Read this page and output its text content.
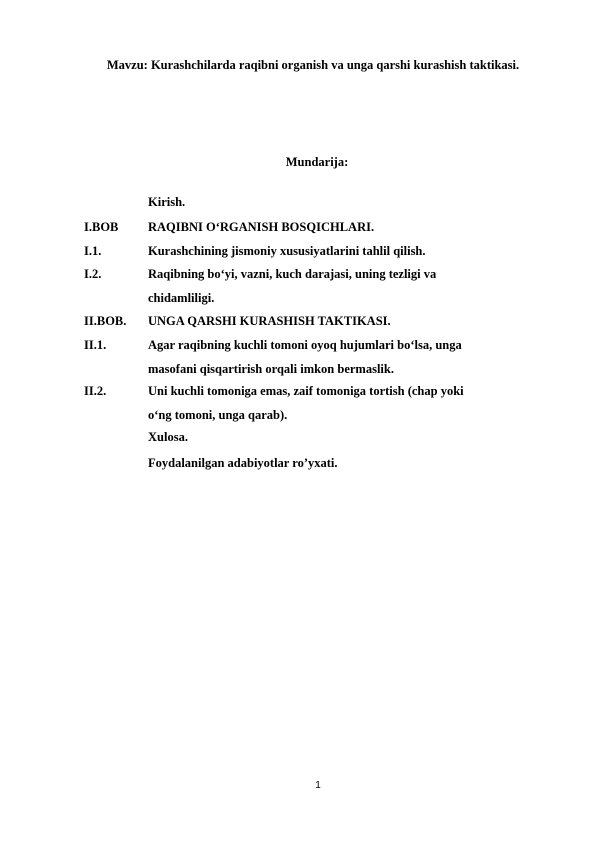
Mavzu: Kurashchilarda raqibni organish va unga qarshi kurashish taktikasi.
Mundarija:
Kirish.
I.BOB RAQIBNI O‘RGANISH BOSQICHLARI.
I.1.	Kurashchining jismoniy xususiyatlarini tahlil qilish.
I.2.	Raqibning bo‘yi, vazni, kuch darajasi, uning tezligi va
chidamliligi.
II.BOB. UNGA QARSHI KURASHISH TAKTIKASI.
II.1.	Agar raqibning kuchli tomoni oyoq hujumlari bo‘lsa, unga
masofani qisqartirish orqali imkon bermaslik.
II.2.	Uni kuchli tomoniga emas, zaif tomoniga tortish (chap yoki
o‘ng tomoni, unga qarab).
Xulosa.
Foydalanilgan adabiyotlar ro’yxati.
1
